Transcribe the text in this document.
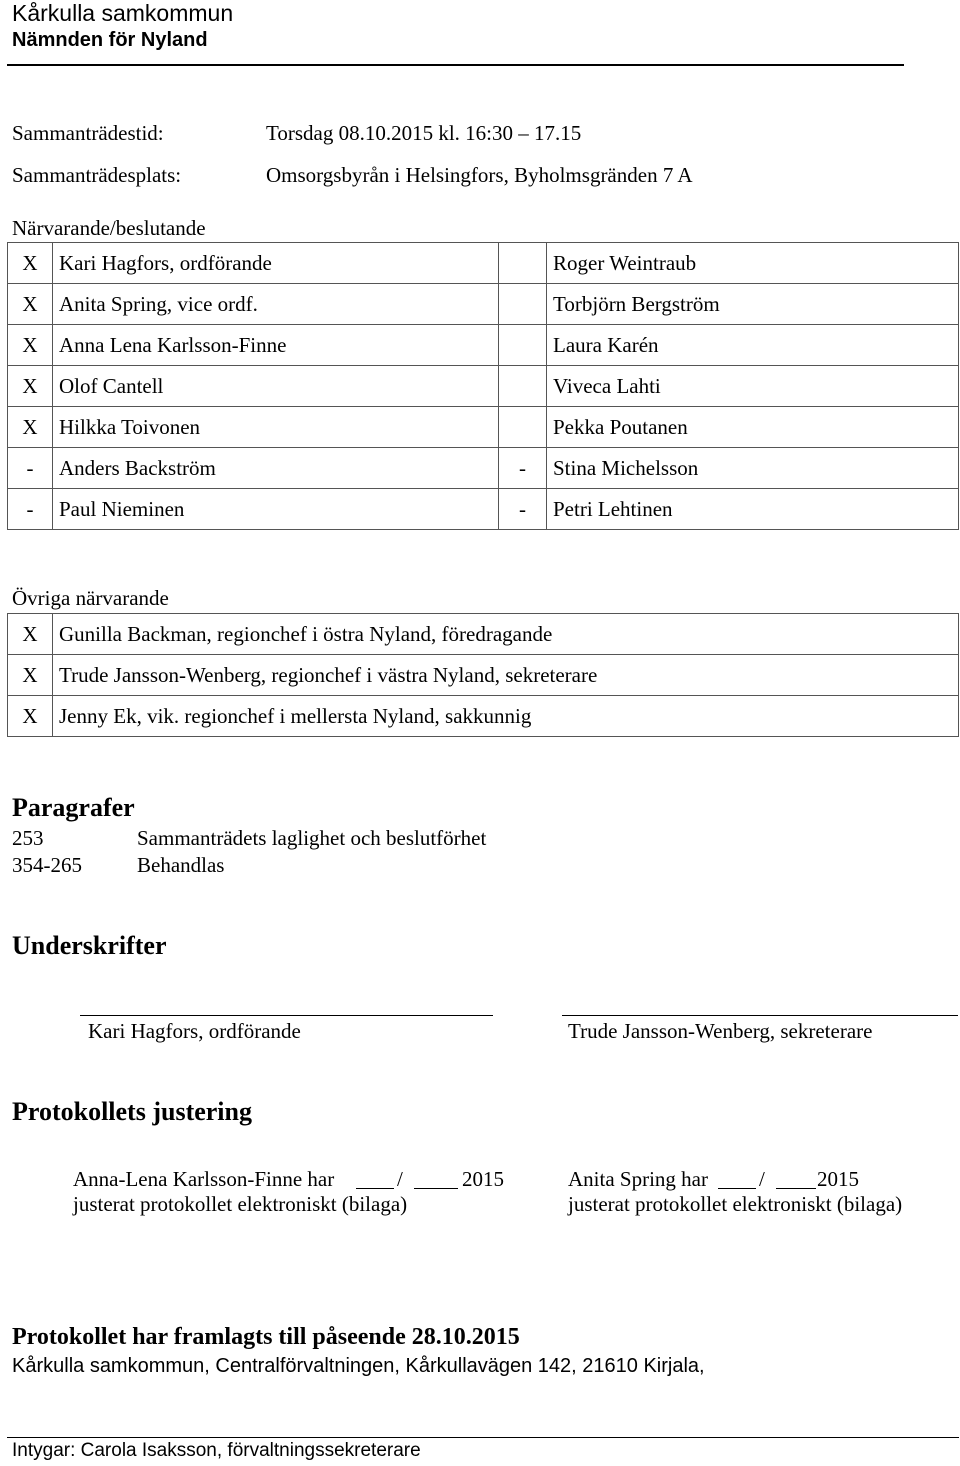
Kårkulla samkommun
Nämnden för Nyland
Sammanträdestid:	Torsdag 08.10.2015 kl. 16:30 – 17.15
Sammanträdesplats:	Omsorgsbyrån i Helsingfors, Byholmsgränden 7 A
Närvarande/beslutande
X	Kari Hagfors, ordförande		Roger Weintraub
X	Anita Spring, vice ordf.		Torbjörn Bergström
X	Anna Lena Karlsson-Finne		Laura Karén
X	Olof Cantell		Viveca Lahti
X	Hilkka Toivonen		Pekka Poutanen
-	Anders Backström	-	Stina Michelsson
-	Paul Nieminen	-	Petri Lehtinen
Övriga närvarande
X	Gunilla Backman, regionchef i östra Nyland, föredragande
X	Trude Jansson-Wenberg, regionchef i västra Nyland, sekreterare
X	Jenny Ek, vik. regionchef i mellersta Nyland, sakkunnig
Paragrafer
253	Sammanträdets laglighet och beslutförhet
354-265	Behandlas
Underskrifter
Kari Hagfors, ordförande	Trude Jansson-Wenberg, sekreterare
Protokollets justering
Anna-Lena Karlsson-Finne har	/	2015
justerat protokollet elektroniskt (bilaga)
Anita Spring har / 2015
justerat protokollet elektroniskt (bilaga)
Protokollet har framlagts till påseende 28.10.2015
Kårkulla samkommun, Centralförvaltningen, Kårkullavägen 142, 21610 Kirjala,
Intygar: Carola Isaksson, förvaltningssekreterare
